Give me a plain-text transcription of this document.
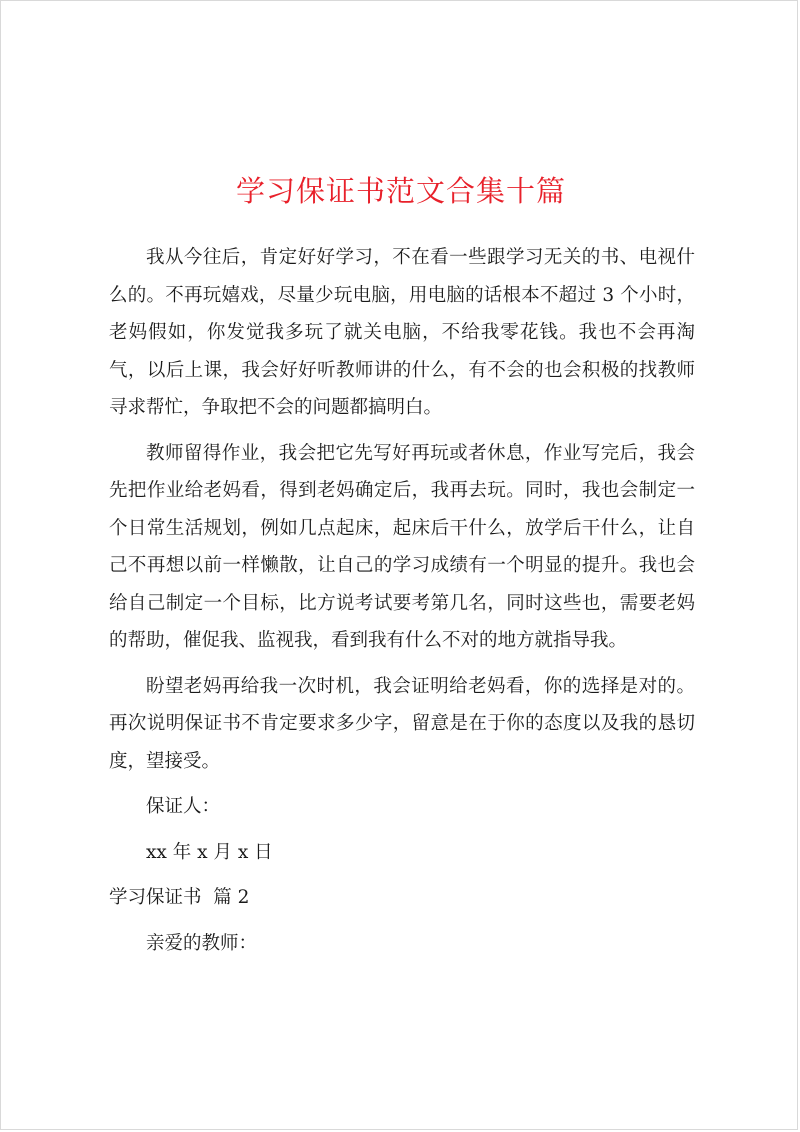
学习保证书范文合集十篇

我从今往后，肯定好好学习，不在看一些跟学习无关的书、电视什么的。不再玩嬉戏，尽量少玩电脑，用电脑的话根本不超过 3 个小时，老妈假如，你发觉我多玩了就关电脑，不给我零花钱。我也不会再淘气，以后上课，我会好好听教师讲的什么，有不会的也会积极的找教师寻求帮忙，争取把不会的问题都搞明白。

教师留得作业，我会把它先写好再玩或者休息，作业写完后，我会先把作业给老妈看，得到老妈确定后，我再去玩。同时，我也会制定一个日常生活规划，例如几点起床，起床后干什么，放学后干什么，让自己不再想以前一样懒散，让自己的学习成绩有一个明显的提升。我也会给自己制定一个目标，比方说考试要考第几名，同时这些也，需要老妈的帮助，催促我、监视我，看到我有什么不对的地方就指导我。

盼望老妈再给我一次时机，我会证明给老妈看，你的选择是对的。再次说明保证书不肯定要求多少字，留意是在于你的态度以及我的恳切度，望接受。

保证人：

xx 年 x 月 x 日

学习保证书  篇 2

亲爱的教师：
